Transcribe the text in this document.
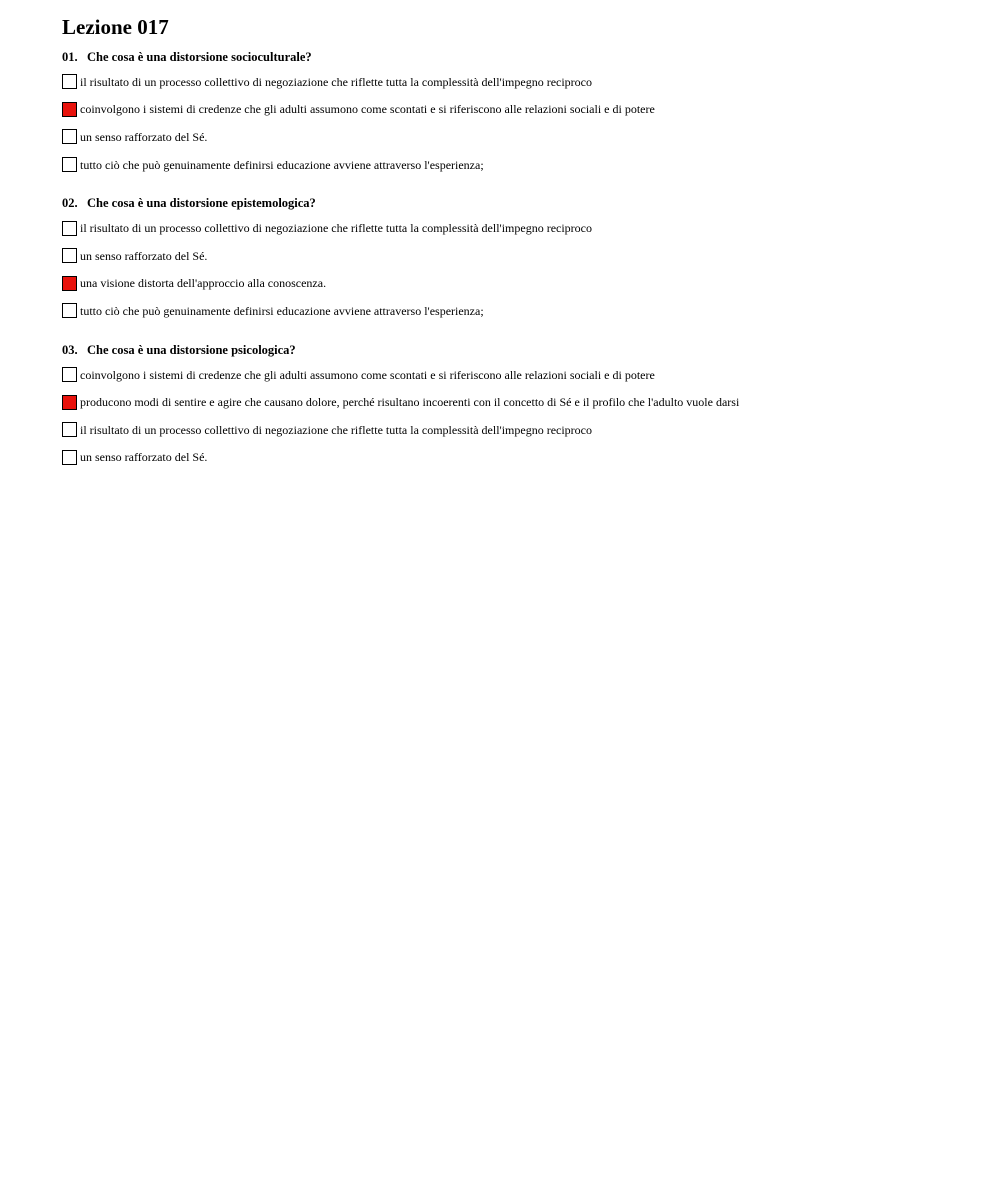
Lezione 017
01. Che cosa è una distorsione socioculturale?
il risultato di un processo collettivo di negoziazione che riflette tutta la complessità dell'impegno reciproco
coinvolgono i sistemi di credenze che gli adulti assumono come scontati e si riferiscono alle relazioni sociali e di potere
un senso rafforzato del Sé.
tutto ciò che può genuinamente definirsi educazione avviene attraverso l'esperienza;
02. Che cosa è una distorsione epistemologica?
il risultato di un processo collettivo di negoziazione che riflette tutta la complessità dell'impegno reciproco
un senso rafforzato del Sé.
una visione distorta dell'approccio alla conoscenza.
tutto ciò che può genuinamente definirsi educazione avviene attraverso l'esperienza;
03. Che cosa è una distorsione psicologica?
coinvolgono i sistemi di credenze che gli adulti assumono come scontati e si riferiscono alle relazioni sociali e di potere
producono modi di sentire e agire che causano dolore, perché risultano incoerenti con il concetto di Sé e il profilo che l'adulto vuole darsi
il risultato di un processo collettivo di negoziazione che riflette tutta la complessità dell'impegno reciproco
un senso rafforzato del Sé.
